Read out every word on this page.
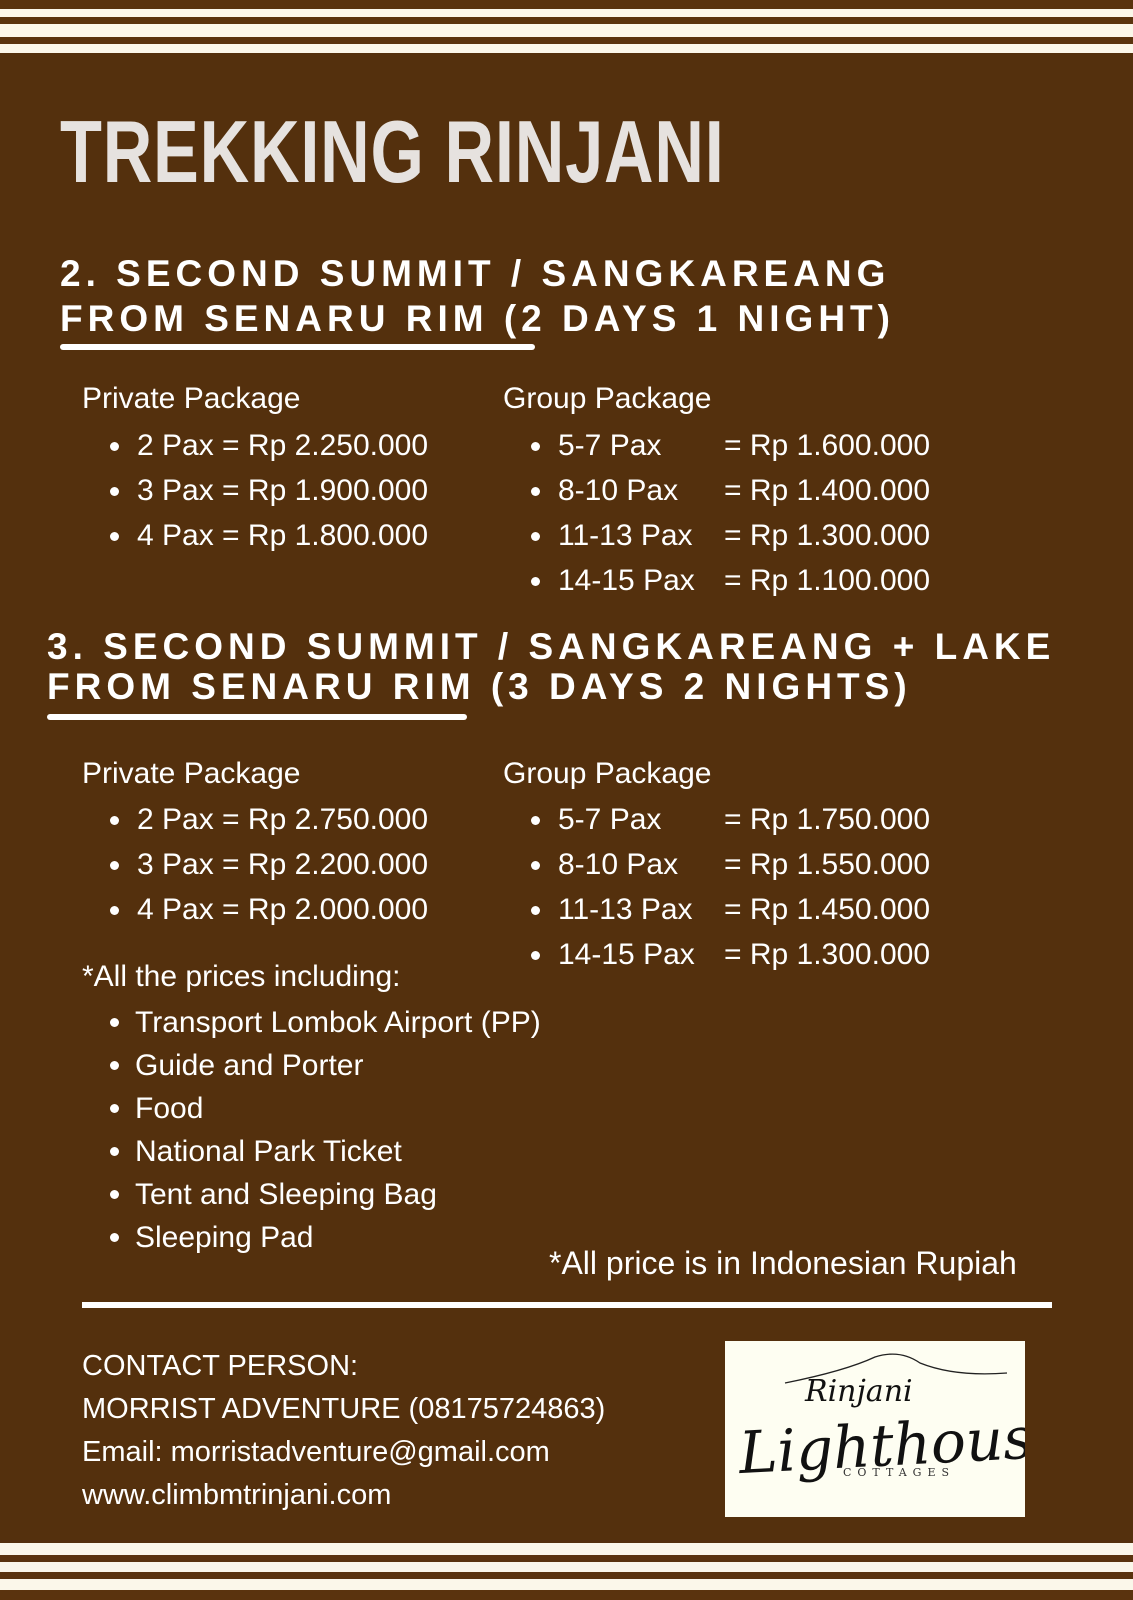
TREKKING RINJANI
2. SECOND SUMMIT / SANGKAREANG
FROM SENARU RIM (2 DAYS 1 NIGHT)
Private Package
2 Pax = Rp 2.250.000
3 Pax = Rp 1.900.000
4 Pax = Rp 1.800.000
Group Package
5-7 Pax = Rp 1.600.000
8-10 Pax = Rp 1.400.000
11-13 Pax = Rp 1.300.000
14-15 Pax = Rp 1.100.000
3. SECOND SUMMIT / SANGKAREANG + LAKE
FROM SENARU RIM (3 DAYS 2 NIGHTS)
Private Package
2 Pax = Rp 2.750.000
3 Pax = Rp 2.200.000
4 Pax = Rp 2.000.000
Group Package
5-7 Pax = Rp 1.750.000
8-10 Pax = Rp 1.550.000
11-13 Pax = Rp 1.450.000
14-15 Pax = Rp 1.300.000
*All the prices including:
Transport Lombok Airport (PP)
Guide and Porter
Food
National Park Ticket
Tent and Sleeping Bag
Sleeping Pad
*All price is in Indonesian Rupiah
CONTACT PERSON:
MORRIST ADVENTURE (08175724863)
Email: morristadventure@gmail.com
www.climbmtrinjani.com
Rinjani
Lighthouse
COTTAGES
